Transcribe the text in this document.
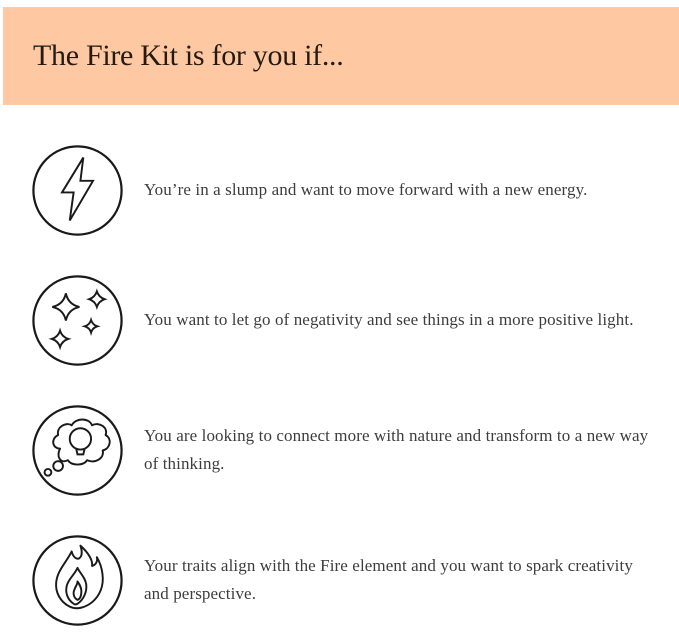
The Fire Kit is for you if...
You’re in a slump and want to move forward with a new energy.
You want to let go of negativity and see things in a more positive light.
You are looking to connect more with nature and transform to a new way
of thinking.
Your traits align with the Fire element and you want to spark creativity
and perspective.
